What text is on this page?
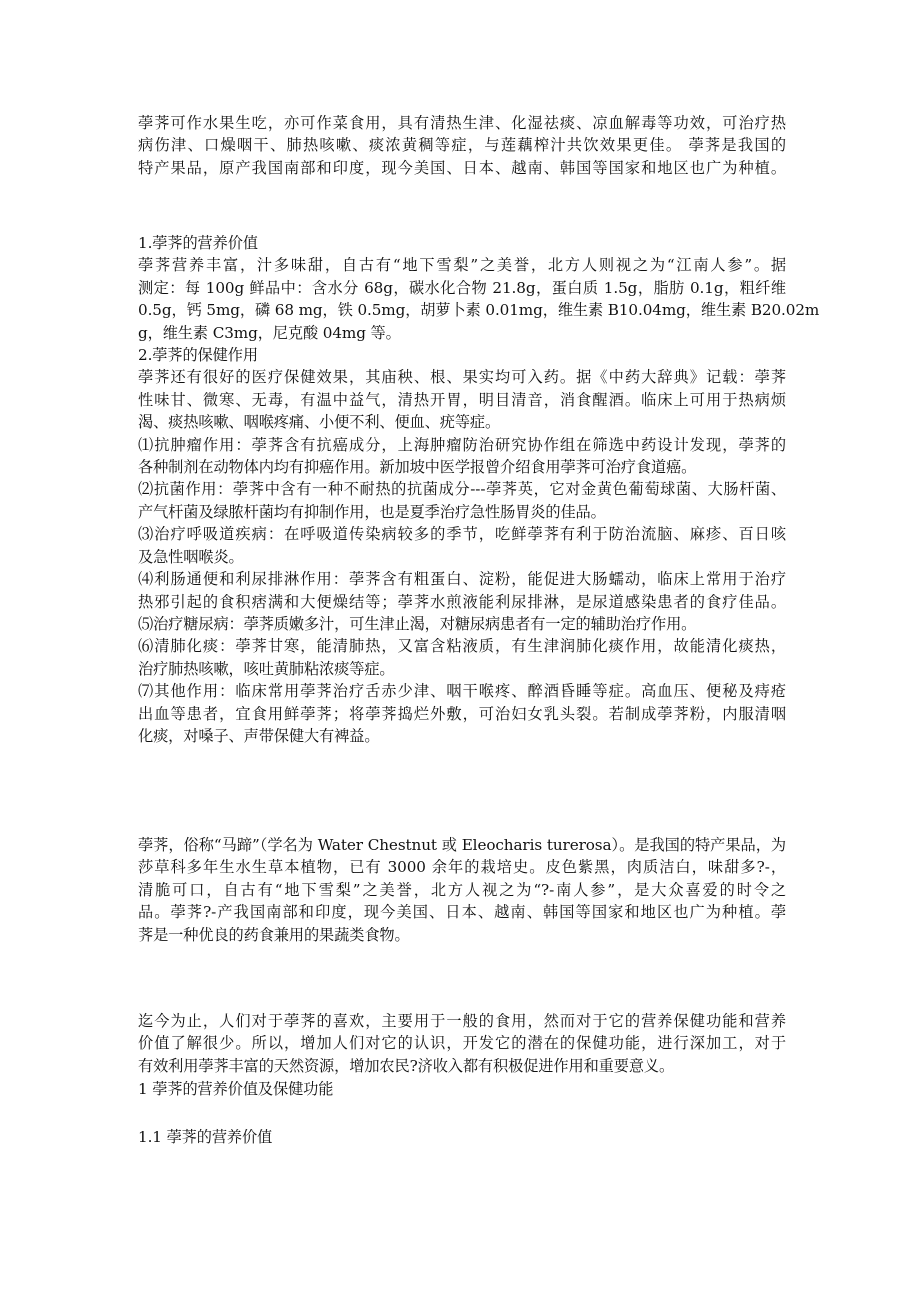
荸荠可作水果生吃，亦可作菜食用，具有清热生津、化湿祛痰、凉血解毒等功效，可治疗热
病伤津、口燥咽干、肺热咳嗽、痰浓黄稠等症，与莲藕榨汁共饮效果更佳。 荸荠是我国的
特产果品，原产我国南部和印度，现今美国、日本、越南、韩国等国家和地区也广为种植。
1.荸荠的营养价值
荸荠营养丰富，汁多味甜，自古有“地下雪梨”之美誉，北方人则视之为“江南人参”。据
测定：每 100g 鲜品中：含水分 68g，碳水化合物 21.8g，蛋白质 1.5g，脂肪 0.1g，粗纤维
0.5g，钙 5mg，磷 68 mg，铁 0.5mg，胡萝卜素 0.01mg，维生素 B10.04mg，维生素 B20.02m
g，维生素 C3mg，尼克酸 04mg 等。
2.荸荠的保健作用
荸荠还有很好的医疗保健效果，其庙秧、根、果实均可入药。据《中药大辞典》记载：荸荠
性味甘、微寒、无毒，有温中益气，清热开胃，明目清音，消食醒酒。临床上可用于热病烦
渴、痰热咳嗽、咽喉疼痛、小便不利、便血、疣等症。
⑴抗肿瘤作用：荸荠含有抗癌成分，上海肿瘤防治研究协作组在筛选中药设计发现，荸荠的
各种制剂在动物体内均有抑癌作用。新加坡中医学报曾介绍食用荸荠可治疗食道癌。
⑵抗菌作用：荸荠中含有一种不耐热的抗菌成分---荸荠英，它对金黄色葡萄球菌、大肠杆菌、
产气杆菌及绿脓杆菌均有抑制作用，也是夏季治疗急性肠胃炎的佳品。
⑶治疗呼吸道疾病：在呼吸道传染病较多的季节，吃鲜荸荠有利于防治流脑、麻疹、百日咳
及急性咽喉炎。
⑷利肠通便和利尿排淋作用：荸荠含有粗蛋白、淀粉，能促进大肠蠕动，临床上常用于治疗
热邪引起的食积痞满和大便燥结等；荸荠水煎液能利尿排淋，是尿道感染患者的食疗佳品。
⑸治疗糖尿病：荸荠质嫩多汁，可生津止渴，对糖尿病患者有一定的辅助治疗作用。
⑹清肺化痰：荸荠甘寒，能清肺热，又富含粘液质，有生津润肺化痰作用，故能清化痰热，
治疗肺热咳嗽，咳吐黄肺粘浓痰等症。
⑺其他作用：临床常用荸荠治疗舌赤少津、咽干喉疼、醉酒昏睡等症。高血压、便秘及痔疮
出血等患者，宜食用鲜荸荠；将荸荠捣烂外敷，可治妇女乳头裂。若制成荸荠粉，内服清咽
化痰，对嗓子、声带保健大有裨益。
荸荠，俗称“马蹄”（学名为 Water Chestnut 或 Eleocharis turerosa）。是我国的特产果品，为
莎草科多年生水生草本植物，已有 3000 余年的栽培史。皮色紫黑，肉质洁白，味甜多?-，
清脆可口，自古有“地下雪梨”之美誉，北方人视之为“?-南人参”，是大众喜爱的时令之
品。荸荠?-产我国南部和印度，现今美国、日本、越南、韩国等国家和地区也广为种植。荸
荠是一种优良的药食兼用的果蔬类食物。
迄今为止，人们对于荸荠的喜欢，主要用于一般的食用，然而对于它的营养保健功能和营养
价值了解很少。所以，增加人们对它的认识，开发它的潜在的保健功能，进行深加工，对于
有效利用荸荠丰富的天然资源，增加农民?济收入都有积极促进作用和重要意义。
1 荸荠的营养价值及保健功能
1.1 荸荠的营养价值
